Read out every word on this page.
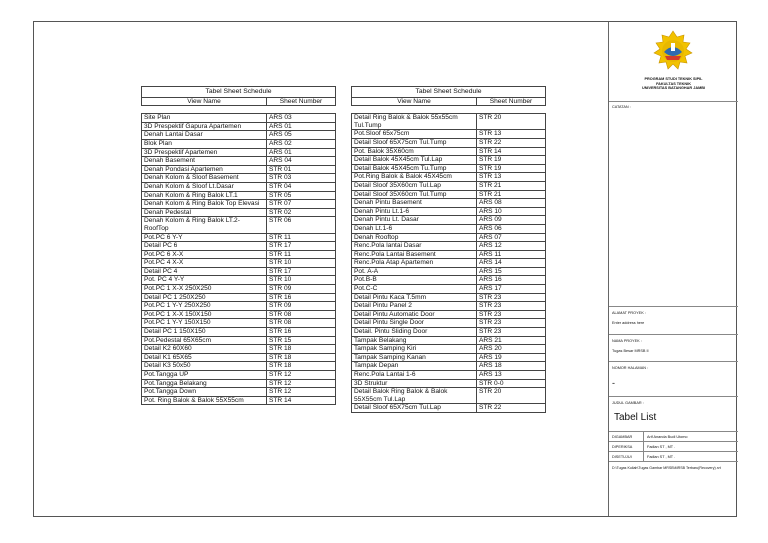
Tabel Sheet Schedule	
View Name	Sheet Number

Site Plan	ARS 03
3D Prespektif Gapura Apartemen	ARS 01
Denah Lantai Dasar	ARS 05
Blok Plan	ARS 02
3D Prespektif Apartemen	ARS 01
Denah Basement	ARS 04
Denah Pondasi Apartemen	STR 01
Denah Kolom & Sloof Basement	STR 03
Denah Kolom & Sloof Lt.Dasar	STR 04
Denah Kolom & Ring Balok LT.1	STR 05
Denah Kolom & Ring Balok Top Elevasi	STR 07
Denah Pedestal	STR 02
Denah Kolom & Ring Balok LT.2-RoofTop	STR 06
Pot.PC 6 Y-Y	STR 11
Detail PC 6	STR 17
Pot.PC 6 X-X	STR 11
Pot.PC 4 X-X	STR 10
Detail PC 4	STR 17
Pot. PC 4 Y-Y	STR 10
Pot.PC 1 X-X 250X250	STR 09
Detail PC 1 250X250	STR 16
Pot.PC 1 Y-Y 250X250	STR 09
Pot.PC 1 X-X 150X150	STR 08
Pot.PC 1 Y-Y 150X150	STR 08
Detail PC 1 150X150	STR 16
Pot.Pedestal 65X65cm	STR 15
Detail K2 60X60	STR 18
Detail K1 65X65	STR 18
Detail K3 50x50	STR 18
Pot.Tangga UP	STR 12
Pot.Tangga Belakang	STR 12
Pot.Tangga Down	STR 12
Pot. Ring Balok & Balok 55X55cm	STR 14
Tabel Sheet Schedule	
View Name	Sheet Number

Detail Ring Balok & Balok 55x55cm Tul.Tump	STR 20
Pot.Sloof 65x75cm	STR 13
Detail Sloof 65X75cm Tul.Tump	STR 22
Pot. Balok 35X60cm	STR 14
Detail Balok 45X45cm Tul.Lap	STR 19
Detail Balok 45X45cm Tu.Tump	STR 19
Pot.Ring Balok & Balok 45X45cm	STR 13
Detail Sloof 35X60cm Tul.Lap	STR 21
Detail Sloof 35X60cm Tul.Tump	STR 21
Denah Pintu Basement	ARS 08
Denah Pintu Lt.1-6	ARS 10
Denah Pintu Lt. Dasar	ARS 09
Denah Lt.1-6	ARS 06
Denah Rooftop	ARS 07
Renc.Pola lantai Dasar	ARS 12
Renc.Pola Lantai Basement	ARS 11
Renc.Pola Atap Apartemen	ARS 14
Pot. A-A	ARS 15
Pot.B-B	ARS 16
Pot.C-C	ARS 17
Detail Pintu Kaca T.5mm	STR 23
Detail Pintu Panel 2	STR 23
Detail Pintu Automatic Door	STR 23
Detail Pintu Single Door	STR 23
Detail. Pintu Sliding Door	STR 23
Tampak Belakang	ARS 21
Tampak Samping Kiri	ARS 20
Tampak Samping Kanan	ARS 19
Tampak Depan	ARS 18
Renc.Pola Lantai 1-6	ARS 13
3D Struktur	STR 0-0
Detail Balok Ring Balok & Balok 55X55cm Tul.Lap	STR 20
Detail Sloof 65X75cm Tul.Lap	STR 22
PROGRAM STUDI TEKNIK SIPIL
FAKULTAS TEKNIK
UNIVERSITAS BATANGHAR JAMBI
CATATAN :
ALAMAT PROYEK :
Enter address here
NAMA PROYEK :
Tugas Besar MRSB II
NOMOR HALAMAN :
-
JUDUL GAMBAR :
Tabel List
DIGAMBAR	Arif Ananda Budi Utomo
DIPERIKSA	Fadlan ST , MT .
DISETUJUI	Fadlan ST , MT .
D:\Tugas Kuliah\Tugas Gambar MRSB\MRSB Terbaru(Recovery).rvt
